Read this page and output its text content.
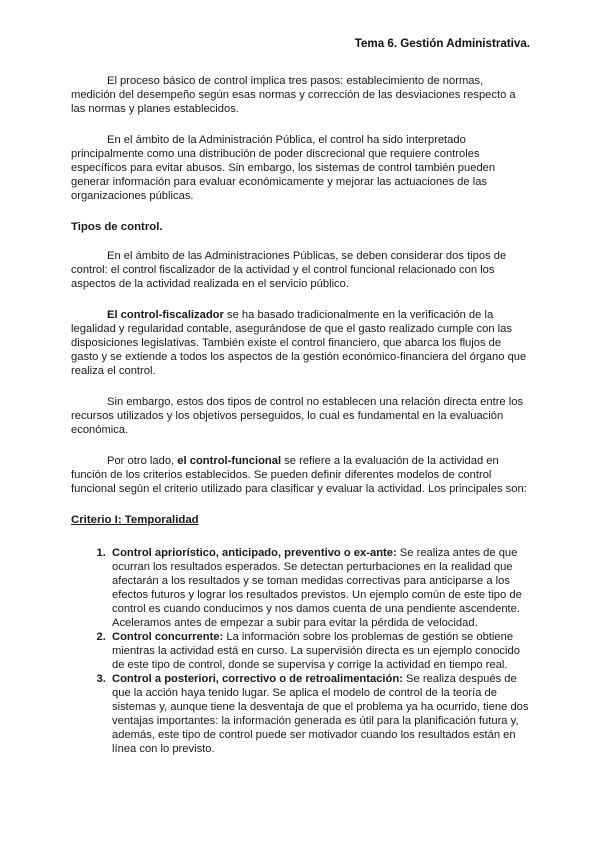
Tema 6. Gestión Administrativa.

El proceso básico de control implica tres pasos: establecimiento de normas, medición del desempeño según esas normas y corrección de las desviaciones respecto a las normas y planes establecidos.

En el ámbito de la Administración Pública, el control ha sido interpretado principalmente como una distribución de poder discrecional que requiere controles específicos para evitar abusos. Sin embargo, los sistemas de control también pueden generar información para evaluar económicamente y mejorar las actuaciones de las organizaciones públicas.

Tipos de control.

En el ámbito de las Administraciones Públicas, se deben considerar dos tipos de control: el control fiscalizador de la actividad y el control funcional relacionado con los aspectos de la actividad realizada en el servicio público.

El control-fiscalizador se ha basado tradicionalmente en la verificación de la legalidad y regularidad contable, asegurándose de que el gasto realizado cumple con las disposiciones legislativas. También existe el control financiero, que abarca los flujos de gasto y se extiende a todos los aspectos de la gestión económico-financiera del órgano que realiza el control.

Sin embargo, estos dos tipos de control no establecen una relación directa entre los recursos utilizados y los objetivos perseguidos, lo cual es fundamental en la evaluación económica.

Por otro lado, el control-funcional se refiere a la evaluación de la actividad en función de los criterios establecidos. Se pueden definir diferentes modelos de control funcional según el criterio utilizado para clasificar y evaluar la actividad. Los principales son:

Criterio I: Temporalidad
1. Control apriorístico, anticipado, preventivo o ex-ante: Se realiza antes de que ocurran los resultados esperados. Se detectan perturbaciones en la realidad que afectarán a los resultados y se toman medidas correctivas para anticiparse a los efectos futuros y lograr los resultados previstos. Un ejemplo común de este tipo de control es cuando conducimos y nos damos cuenta de una pendiente ascendente. Aceleramos antes de empezar a subir para evitar la pérdida de velocidad.
2. Control concurrente: La información sobre los problemas de gestión se obtiene mientras la actividad está en curso. La supervisión directa es un ejemplo conocido de este tipo de control, donde se supervisa y corrige la actividad en tiempo real.
3. Control a posteriori, correctivo o de retroalimentación: Se realiza después de que la acción haya tenido lugar. Se aplica el modelo de control de la teoría de sistemas y, aunque tiene la desventaja de que el problema ya ha ocurrido, tiene dos ventajas importantes: la información generada es útil para la planificación futura y, además, este tipo de control puede ser motivador cuando los resultados están en línea con lo previsto.
